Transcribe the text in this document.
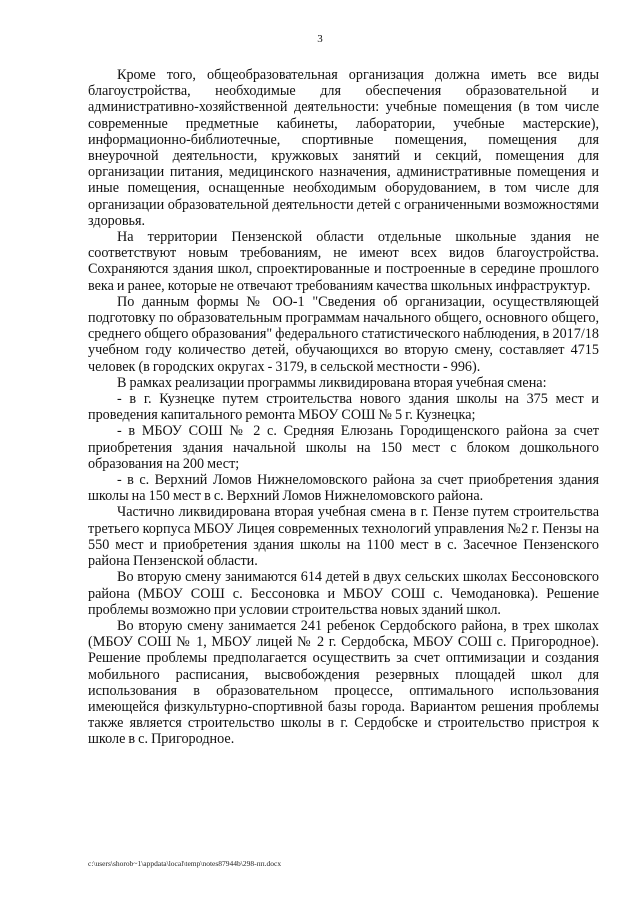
3

Кроме того, общеобразовательная организация должна иметь все виды благоустройства, необходимые для обеспечения образовательной и административно-хозяйственной деятельности: учебные помещения (в том числе современные предметные кабинеты, лаборатории, учебные мастерские), информационно-библиотечные, спортивные помещения, помещения для внеурочной деятельности, кружковых занятий и секций, помещения для организации питания, медицинского назначения, административные помещения и иные помещения, оснащенные необходимым оборудованием, в том числе для организации образовательной деятельности детей с ограниченными возможностями здоровья.

На территории Пензенской области отдельные школьные здания не соответствуют новым требованиям, не имеют всех видов благоустройства. Сохраняются здания школ, спроектированные и построенные в середине прошлого века и ранее, которые не отвечают требованиям качества школьных инфраструктур.

По данным формы № ОО-1 "Сведения об организации, осуществляющей подготовку по образовательным программам начального общего, основного общего, среднего общего образования" федерального статистического наблюдения, в 2017/18 учебном году количество детей, обучающихся во вторую смену, составляет 4715 человек (в городских округах - 3179, в сельской местности - 996).

В рамках реализации программы ликвидирована вторая учебная смена:

- в г. Кузнецке путем строительства нового здания школы на 375 мест и проведения капитального ремонта МБОУ СОШ № 5 г. Кузнецка;

- в МБОУ СОШ № 2 с. Средняя Елюзань Городищенского района за счет приобретения здания начальной школы на 150 мест с блоком дошкольного образования на 200 мест;

- в с. Верхний Ломов Нижнеломовского района за счет приобретения здания школы на 150 мест в с. Верхний Ломов Нижнеломовского района.

Частично ликвидирована вторая учебная смена в г. Пензе путем строительства третьего корпуса МБОУ Лицея современных технологий управления №2 г. Пензы на 550 мест и приобретения здания школы на 1100 мест в с. Засечное Пензенского района Пензенской области.

Во вторую смену занимаются 614 детей в двух сельских школах Бессоновского района (МБОУ СОШ с. Бессоновка и МБОУ СОШ с. Чемодановка). Решение проблемы возможно при условии строительства новых зданий школ.

Во вторую смену занимается 241 ребенок Сердобского района, в трех школах (МБОУ СОШ № 1, МБОУ лицей № 2 г. Сердобска, МБОУ СОШ с. Пригородное). Решение проблемы предполагается осуществить за счет оптимизации и создания мобильного расписания, высвобождения резервных площадей школ для использования в образовательном процессе, оптимального использования имеющейся физкультурно-спортивной базы города. Вариантом решения проблемы также является строительство школы в г. Сердобске и строительство пристроя к школе в с. Пригородное.

c:\users\shorob~1\appdata\local\temp\notes87944b\298-пп.docx
